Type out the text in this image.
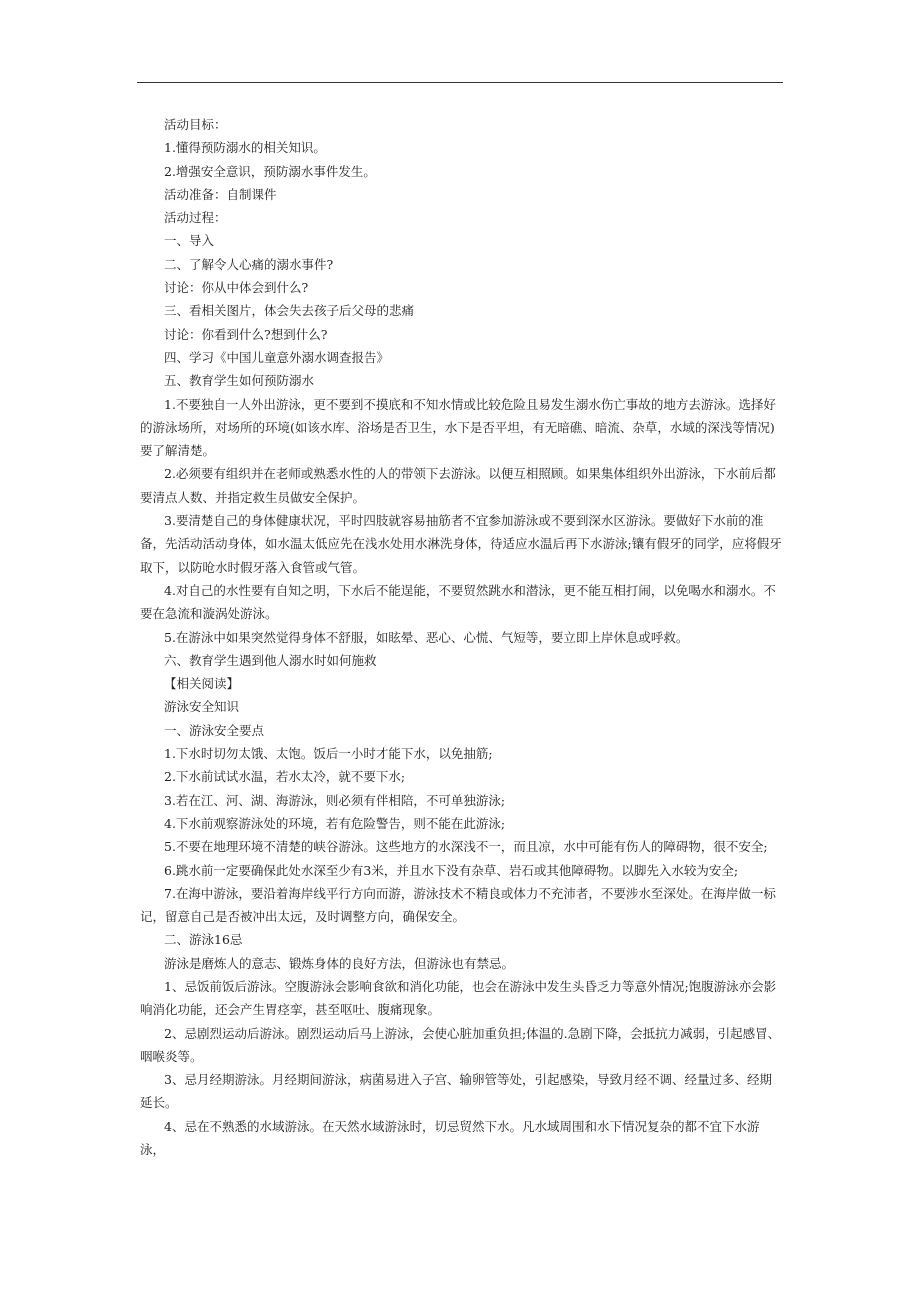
活动目标：

1.懂得预防溺水的相关知识。

2.增强安全意识，预防溺水事件发生。

活动准备：自制课件

活动过程：

一、导入

二、了解令人心痛的溺水事件?

讨论：你从中体会到什么?

三、看相关图片，体会失去孩子后父母的悲痛

讨论：你看到什么?想到什么?

四、学习《中国儿童意外溺水调查报告》

五、教育学生如何预防溺水

1.不要独自一人外出游泳，更不要到不摸底和不知水情或比较危险且易发生溺水伤亡事故的地方去游泳。选择好的游泳场所，对场所的环境(如该水库、浴场是否卫生，水下是否平坦，有无暗礁、暗流、杂草，水域的深浅等情况)要了解清楚。

2.必须要有组织并在老师或熟悉水性的人的带领下去游泳。以便互相照顾。如果集体组织外出游泳，下水前后都要清点人数、并指定救生员做安全保护。

3.要清楚自己的身体健康状况，平时四肢就容易抽筋者不宜参加游泳或不要到深水区游泳。要做好下水前的准备，先活动活动身体，如水温太低应先在浅水处用水淋洗身体，待适应水温后再下水游泳;镶有假牙的同学，应将假牙取下，以防呛水时假牙落入食管或气管。

4.对自己的水性要有自知之明，下水后不能逞能，不要贸然跳水和潜泳，更不能互相打闹，以免喝水和溺水。不要在急流和漩涡处游泳。

5.在游泳中如果突然觉得身体不舒服，如眩晕、恶心、心慌、气短等，要立即上岸休息或呼救。

六、教育学生遇到他人溺水时如何施救

【相关阅读】

游泳安全知识

一、游泳安全要点

1.下水时切勿太饿、太饱。饭后一小时才能下水，以免抽筋;

2.下水前试试水温，若水太冷，就不要下水;

3.若在江、河、湖、海游泳，则必须有伴相陪，不可单独游泳;

4.下水前观察游泳处的环境，若有危险警告，则不能在此游泳;

5.不要在地理环境不清楚的峡谷游泳。这些地方的水深浅不一，而且凉，水中可能有伤人的障碍物，很不安全;

6.跳水前一定要确保此处水深至少有3米，并且水下没有杂草、岩石或其他障碍物。以脚先入水较为安全;

7.在海中游泳，要沿着海岸线平行方向而游，游泳技术不精良或体力不充沛者，不要涉水至深处。在海岸做一标记，留意自己是否被冲出太远，及时调整方向，确保安全。

二、游泳16忌

游泳是磨炼人的意志、锻炼身体的良好方法，但游泳也有禁忌。

1、忌饭前饭后游泳。空腹游泳会影响食欲和消化功能，也会在游泳中发生头昏乏力等意外情况;饱腹游泳亦会影响消化功能，还会产生胃痉挛，甚至呕吐、腹痛现象。

2、忌剧烈运动后游泳。剧烈运动后马上游泳，会使心脏加重负担;体温的.急剧下降，会抵抗力减弱，引起感冒、咽喉炎等。

3、忌月经期游泳。月经期间游泳，病菌易进入子宫、输卵管等处，引起感染，导致月经不调、经量过多、经期延长。

4、忌在不熟悉的水域游泳。在天然水域游泳时，切忌贸然下水。凡水域周围和水下情况复杂的都不宜下水游泳，
